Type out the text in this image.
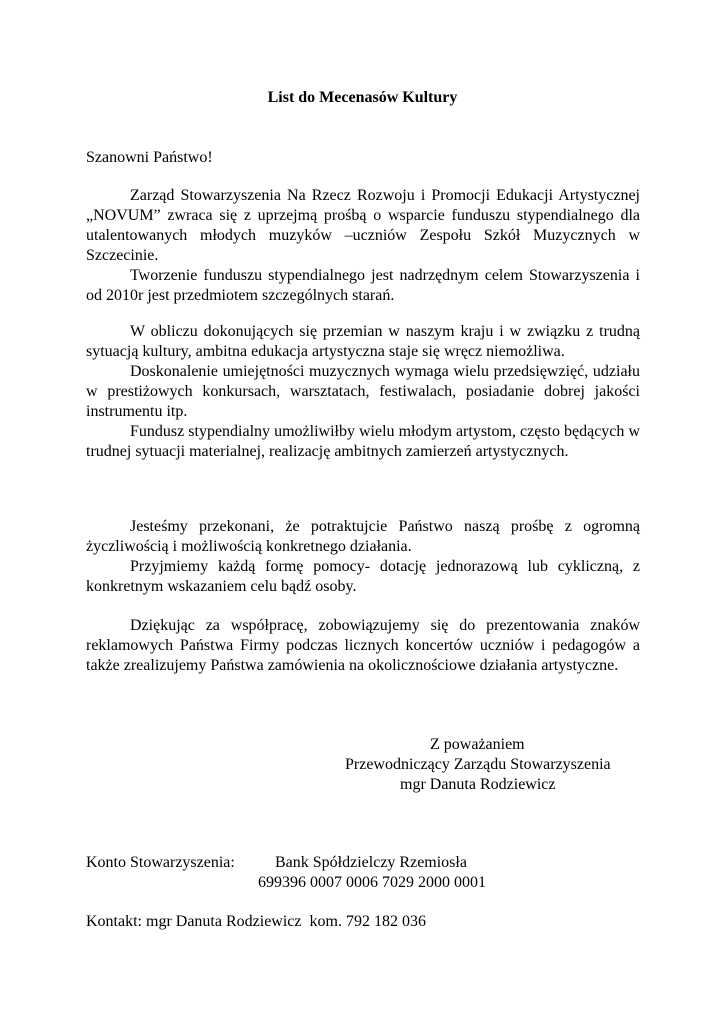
List do Mecenasów Kultury
Szanowni Państwo!

Zarząd Stowarzyszenia Na Rzecz Rozwoju i Promocji Edukacji Artystycznej „NOVUM” zwraca się z uprzejmą prośbą o wsparcie funduszu stypendialnego dla utalentowanych młodych muzyków –uczniów Zespołu Szkół Muzycznych w Szczecinie.

Tworzenie funduszu stypendialnego jest nadrzędnym celem Stowarzyszenia i od 2010r jest przedmiotem szczególnych starań.

W obliczu dokonujących się przemian w naszym kraju i w związku z trudną sytuacją kultury, ambitna edukacja artystyczna staje się wręcz niemożliwa.

Doskonalenie umiejętności muzycznych wymaga wielu przedsięwzięć, udziału w prestiżowych konkursach, warsztatach, festiwalach, posiadanie dobrej jakości instrumentu itp.

Fundusz stypendialny umożliwiłby wielu młodym artystom, często będących w trudnej sytuacji materialnej, realizację ambitnych zamierzeń artystycznych.

Jesteśmy przekonani, że potraktujcie Państwo naszą prośbę z ogromną życzliwością i możliwością konkretnego działania.

Przyjmiemy każdą formę pomocy- dotację jednorazową lub cykliczną, z konkretnym wskazaniem celu bądź osoby.

Dziękując za współpracę, zobowiązujemy się do prezentowania znaków reklamowych Państwa Firmy podczas licznych koncertów uczniów i pedagogów a także zrealizujemy Państwa zamówienia na okolicznościowe działania artystyczne.

Z poważaniem
Przewodniczący Zarządu Stowarzyszenia
mgr Danuta Rodziewicz
Konto Stowarzyszenia:	Bank Spółdzielczy Rzemiosła
699396 0007 0006 7029 2000 0001
Kontakt: mgr Danuta Rodziewicz  kom. 792 182 036
